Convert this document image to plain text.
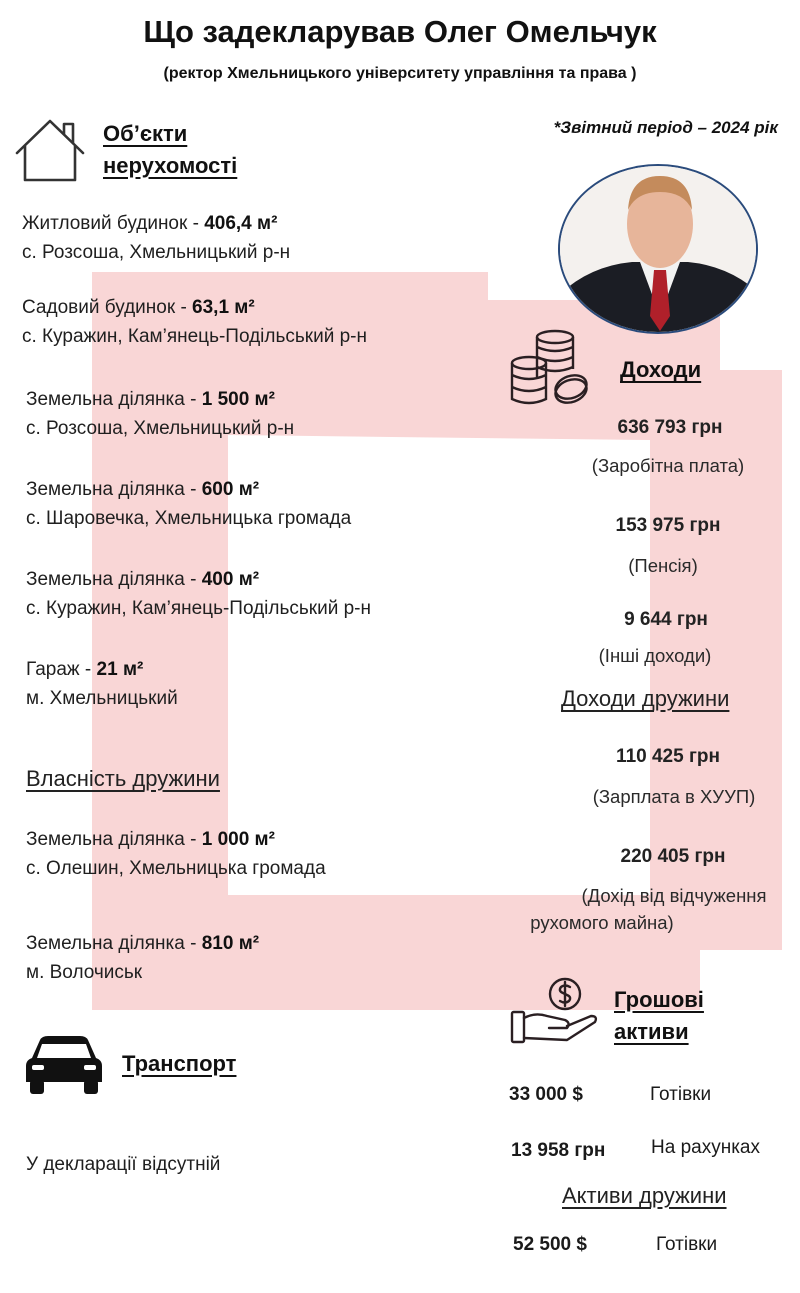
Що задекларував Олег Омельчук
(ректор Хмельницького університету управління та права )
*Звітний період – 2024 рік
Об’єкти
нерухомості
Житловий будинок - 406,4 м²
с. Розсоша, Хмельницький р-н
Садовий будинок - 63,1 м²
с. Куражин, Кам’янець-Подільський р-н
Земельна ділянка - 1 500 м²
с. Розсоша, Хмельницький р-н
Земельна ділянка - 600 м²
с. Шаровечка, Хмельницька громада
Земельна ділянка - 400 м²
с. Куражин, Кам’янець-Подільський р-н
Гараж - 21 м²
м. Хмельницький
Власність дружини
Земельна ділянка - 1 000 м²
с. Олешин, Хмельницька громада
Земельна ділянка - 810 м²
м. Волочиськ
Транспорт
У декларації відсутній
Доходи
636 793 грн
(Заробітна плата)
153 975 грн
(Пенсія)
9 644 грн
(Інші доходи)
Доходи дружини
110 425 грн
(Зарплата в ХУУП)
220 405 грн
(Дохід від відчуження
рухомого майна)
Грошові
активи
33 000 $	Готівки
13 958 грн На рахунках
Активи дружини
52 500 $	Готівки
